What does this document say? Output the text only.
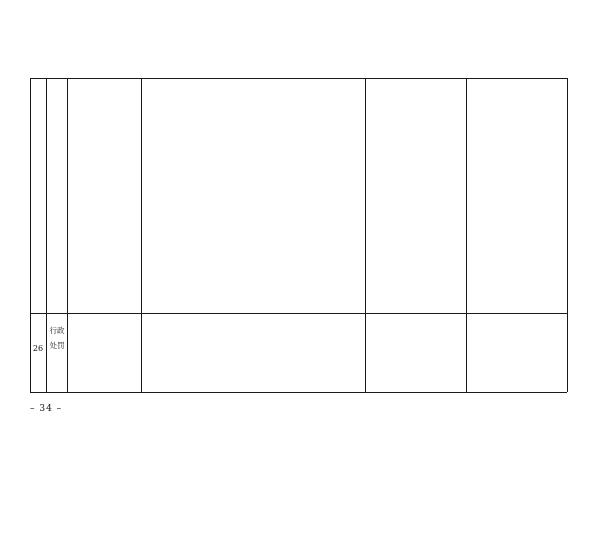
26
行政
处罚

– 34 –
